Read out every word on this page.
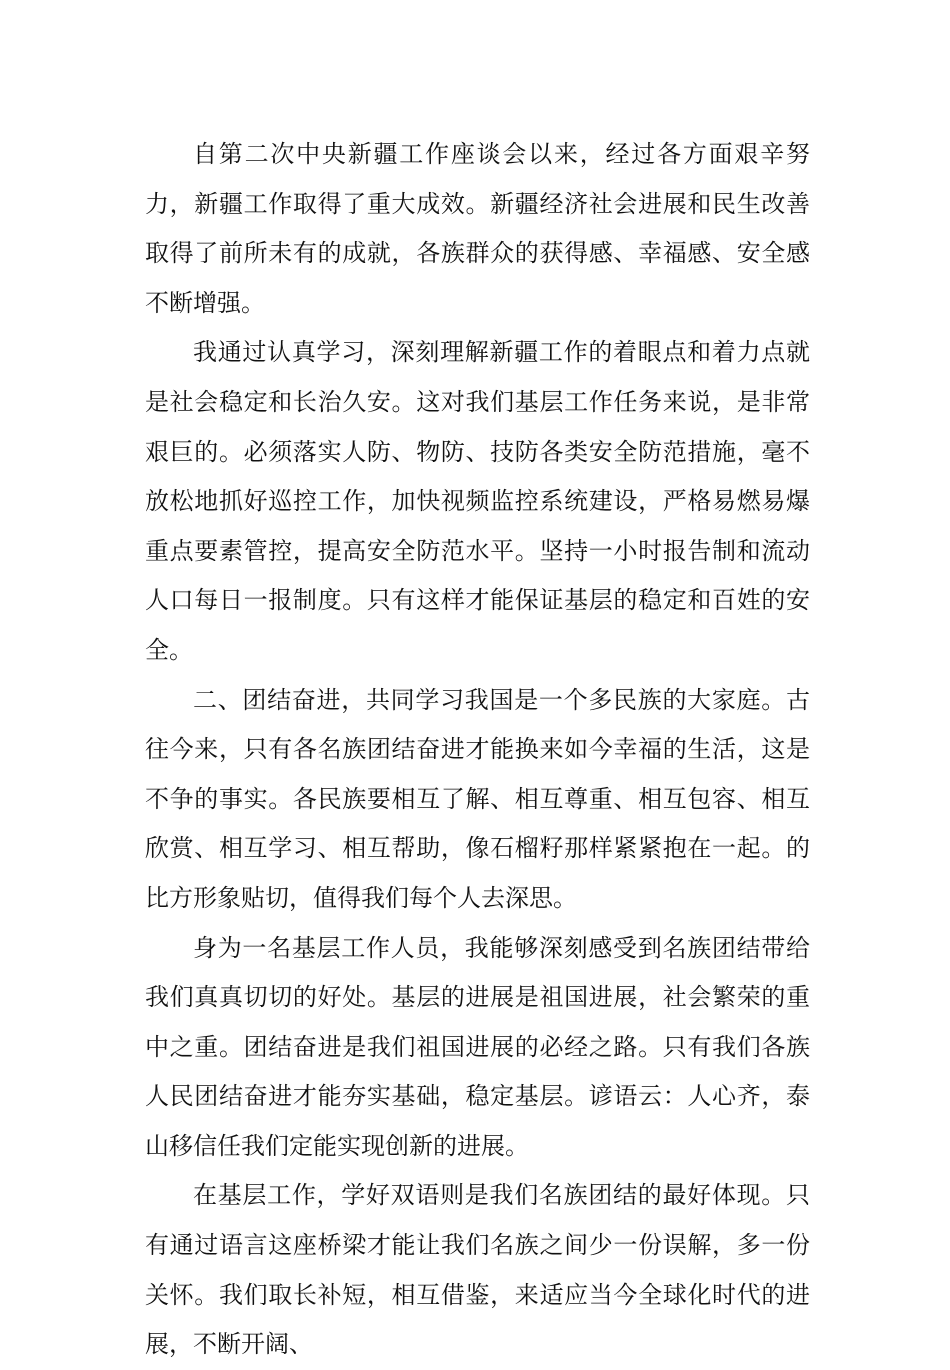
自第二次中央新疆工作座谈会以来，经过各方面艰辛努力，新疆工作取得了重大成效。新疆经济社会进展和民生改善取得了前所未有的成就，各族群众的获得感、幸福感、安全感不断增强。

我通过认真学习，深刻理解新疆工作的着眼点和着力点就是社会稳定和长治久安。这对我们基层工作任务来说，是非常艰巨的。必须落实人防、物防、技防各类安全防范措施，毫不放松地抓好巡控工作，加快视频监控系统建设，严格易燃易爆重点要素管控，提高安全防范水平。坚持一小时报告制和流动人口每日一报制度。只有这样才能保证基层的稳定和百姓的安全。

二、团结奋进，共同学习我国是一个多民族的大家庭。古往今来，只有各名族团结奋进才能换来如今幸福的生活，这是不争的事实。各民族要相互了解、相互尊重、相互包容、相互欣赏、相互学习、相互帮助，像石榴籽那样紧紧抱在一起。的比方形象贴切，值得我们每个人去深思。

身为一名基层工作人员，我能够深刻感受到名族团结带给我们真真切切的好处。基层的进展是祖国进展，社会繁荣的重中之重。团结奋进是我们祖国进展的必经之路。只有我们各族人民团结奋进才能夯实基础，稳定基层。谚语云：人心齐，泰山移信任我们定能实现创新的进展。

在基层工作，学好双语则是我们名族团结的最好体现。只有通过语言这座桥梁才能让我们名族之间少一份误解，多一份关怀。我们取长补短，相互借鉴，来适应当今全球化时代的进展，不断开阔、
